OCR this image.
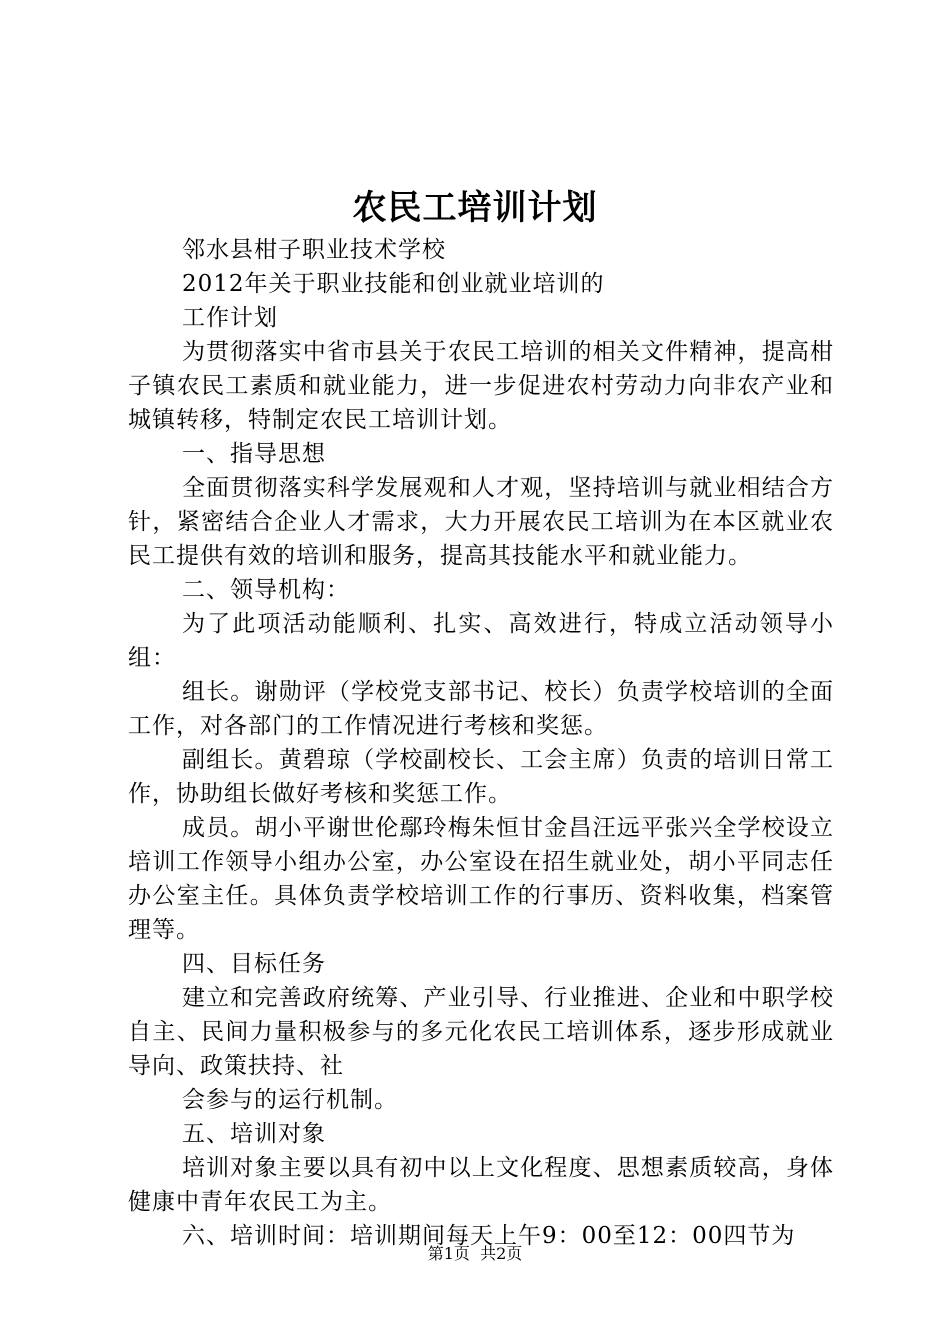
农民工培训计划

邻水县柑子职业技术学校

2012年关于职业技能和创业就业培训的

工作计划

为贯彻落实中省市县关于农民工培训的相关文件精神，提高柑子镇农民工素质和就业能力，进一步促进农村劳动力向非农产业和城镇转移，特制定农民工培训计划。

一、指导思想

全面贯彻落实科学发展观和人才观，坚持培训与就业相结合方针，紧密结合企业人才需求，大力开展农民工培训为在本区就业农民工提供有效的培训和服务，提高其技能水平和就业能力。

二、领导机构：

为了此项活动能顺利、扎实、高效进行，特成立活动领导小组：

组长。谢勋评（学校党支部书记、校长）负责学校培训的全面工作，对各部门的工作情况进行考核和奖惩。

副组长。黄碧琼（学校副校长、工会主席）负责的培训日常工作，协助组长做好考核和奖惩工作。

成员。胡小平谢世伦鄢玲梅朱恒甘金昌汪远平张兴全学校设立培训工作领导小组办公室，办公室设在招生就业处，胡小平同志任办公室主任。具体负责学校培训工作的行事历、资料收集，档案管理等。

四、目标任务

建立和完善政府统筹、产业引导、行业推进、企业和中职学校自主、民间力量积极参与的多元化农民工培训体系，逐步形成就业导向、政策扶持、社

会参与的运行机制。

五、培训对象

培训对象主要以具有初中以上文化程度、思想素质较高，身体健康中青年农民工为主。

六、培训时间：培训期间每天上午9：00至12：00四节为

第1页  共2页
